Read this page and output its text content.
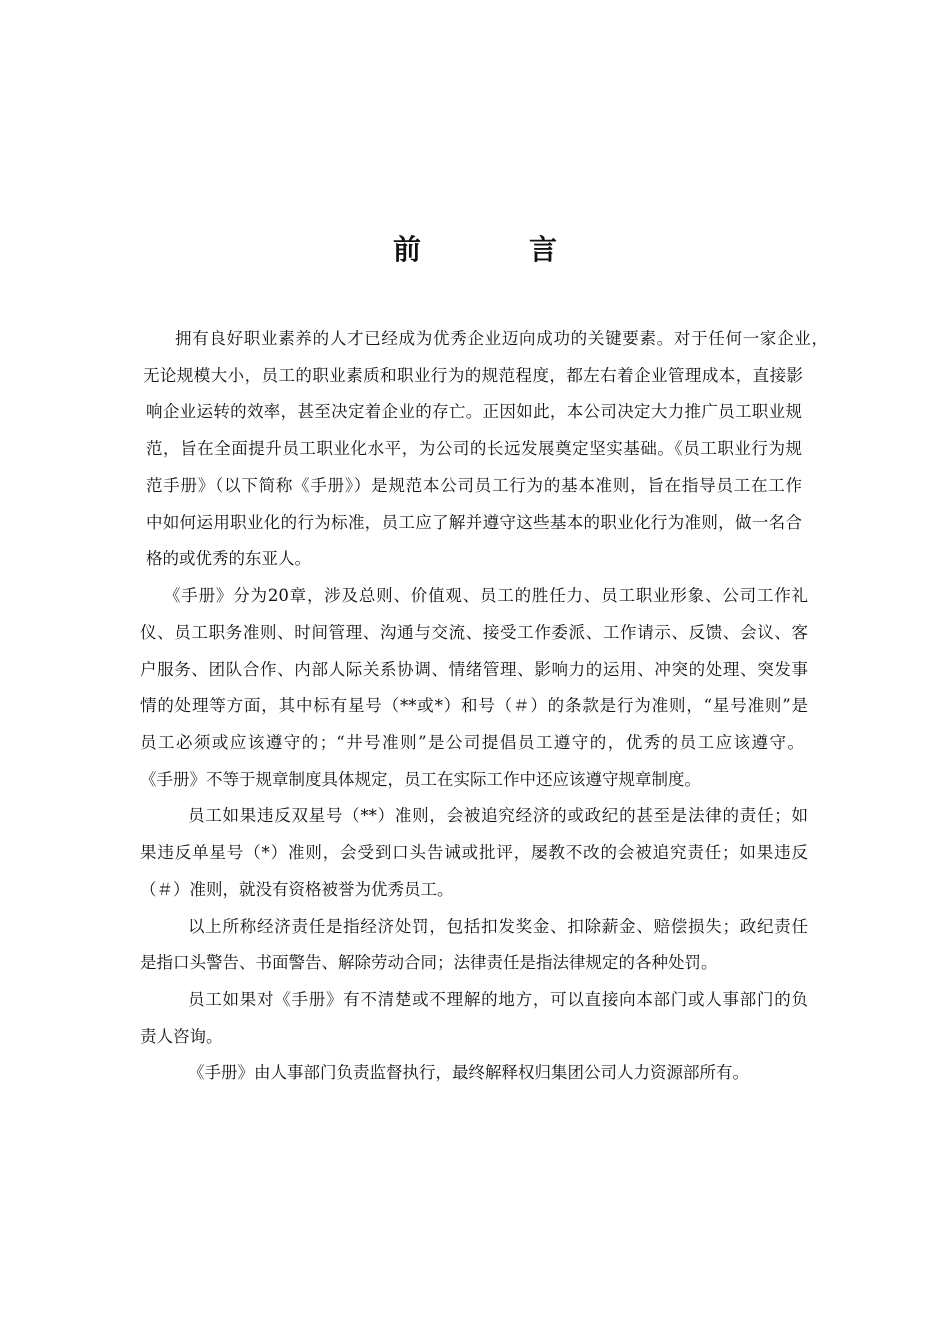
前　言
拥有良好职业素养的人才已经成为优秀企业迈向成功的关键要素。对于任何一家企业，
无论规模大小，员工的职业素质和职业行为的规范程度，都左右着企业管理成本，直接影
响企业运转的效率，甚至决定着企业的存亡。正因如此，本公司决定大力推广员工职业规
范，旨在全面提升员工职业化水平，为公司的长远发展奠定坚实基础。《员工职业行为规
范手册》（以下简称《手册》）是规范本公司员工行为的基本准则，旨在指导员工在工作
中如何运用职业化的行为标准，员工应了解并遵守这些基本的职业化行为准则，做一名合
格的或优秀的东亚人。
《手册》分为20章，涉及总则、价值观、员工的胜任力、员工职业形象、公司工作礼
仪、员工职务准则、时间管理、沟通与交流、接受工作委派、工作请示、反馈、会议、客
户服务、团队合作、内部人际关系协调、情绪管理、影响力的运用、冲突的处理、突发事
情的处理等方面，其中标有星号（**或*）和号（＃）的条款是行为准则，“星号准则”是
员工必须或应该遵守的；“井号准则”是公司提倡员工遵守的，优秀的员工应该遵守。
《手册》不等于规章制度具体规定，员工在实际工作中还应该遵守规章制度。
员工如果违反双星号（**）准则，会被追究经济的或政纪的甚至是法律的责任；如
果违反单星号（*）准则，会受到口头告诫或批评，屡教不改的会被追究责任；如果违反
（＃）准则，就没有资格被誉为优秀员工。
以上所称经济责任是指经济处罚，包括扣发奖金、扣除薪金、赔偿损失；政纪责任
是指口头警告、书面警告、解除劳动合同；法律责任是指法律规定的各种处罚。
员工如果对《手册》有不清楚或不理解的地方，可以直接向本部门或人事部门的负
责人咨询。
《手册》由人事部门负责监督执行，最终解释权归集团公司人力资源部所有。
